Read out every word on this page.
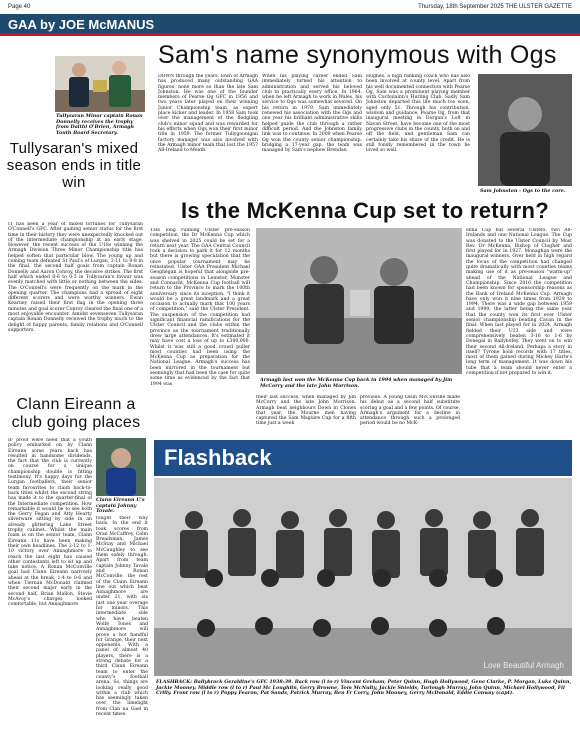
Page 40	Thursday, 18th September 2025 THE ULSTER GAZETTE
GAA by JOE McMANUS
Tullysaran Minor captain Ronan Donnelly receives the trophy from Daithi O'Brien, Armagh Youth Board Secretary.
Sam's name synonymous with Ogs
DOWN through the years, town of Armagh has produced many outstanding GAA figures, none more so than the late Sam Johnston. He was one of the founder members of Pearse Og GFC in 1956 and two years later played on their winning Junior Championship team, as expert place kicker and leader. In 1958 Sam took over the management of the fledgling club's minor squad and was rewarded for his efforts when Ogs won their first minor title in 1959. The former Tullygoonigan factory manager was also involved with the Armagh minor team that lost the 1957 All-Ireland to Meath.
When his playing career ended Sam immediately turned his attention to administration and served his beloved club in practically every office. In 1964, when he left Armagh to work in Wales, his service to Ogs was somewhat severed. On his return in 1979, Sam immediately renewed his association with the Ogs and one year his brilliant administrative skills helped guide the club through a rather difficult period. And the Johnston family link was to continue. In 2009 when Pearse Og won the county senior championship, bridging a 17-year gap, the team was managed by Sam's nephew Brendan
Hughes, a high ranking coach who has also been involved at county level. Apart from his well documented connection with Pearse Og, Sam was a prominent playing member with Cuchulainn's Hurling Club. Sadly Sam Johnston departed this life much too soon, aged only 51. Through his contribution, wisdom and guidance, Pearse Og, from that inaugural meeting in Dorgan's Loft in Navan Street, have become one of the most progressive clubs in the county, both on and off the field, and gentleman Sam can certainly take his share of the credit. He is still fondly remembered in the town he loved so well.
Sam Johnston - Ogs to the core.
Tullysaran's mixed season ends in title win
IT has been a year of mixed fortunes for Tullysaran O'Connell's GFC. After gaining senior status for the first time in their history they were unexpectedly knocked out of the intermediate championship at an early stage. However, the recent success of the U18s winning the Armagh Division Three Minor Championship title has helped soften that particular blow. The young up and coming team defeated St Paul's of Lurgan, 2-11 to 0-8 in the final, the second half goals from captain Ronan Donnelly and Aaron Conroy, the decisive strikes. The first half which ended 0-6 to 0-5 in Tullysaran's favour was evenly matched with little or nothing between the sides. The O'Connell's were frequently on the mark in the opening quarter. The champions had a spread of eight different scorers and were worthy winners. Ewan Kearney raised their first flag in the opening three minutes and goal scorer Conroy cleared the final one of a most enjoyable encounter. Amidst sevenseven Tullysaran captain Ronan Donnelly received the trophy much to the delight of happy parents, family relations and O'Connell supporters.
Is the McKenna Cup set to return?
THE long running Ulster pre-season competition, the Dr McKenna Cup which was shelved in 2025 could be set for a return next year. The GAA Central Council took a decision to park it for 12 months but there is growing speculation that the once popular tournament may be reinstated. Ulster GAA President Michael Geoghegan is hopeful that alongside pre-season competitions in Leinster, Munster and Connacht, McKenna Cup football will return to the Province to mark the 100th anniversary since its inception. "I think it would be a great landmark and a great occasion to actually mark that 100 years of competition," said the Ulster President. The suspension of the competition had significant financial ramifications for the Ulster Council and the clubs within the province as the tournament traditionally drew large attendances. It's estimated it may have cost a loss of up to £300,000. Whilst it was still a good crowd puller most counties had been using the McKenna Cup as preparation for the National League. Armagh's success has been mirrored in the tournament but seemingly that had been the case for quite some time as evidenced by the fact that 1994 was
Armagh last won the McKenna Cup back in 1994 when managed by Jim McCorry and the late John Morrison.
their last success, when managed by Jim McCorry and the late John Morrison. Armagh beat neighbours Down in Clones that year, the Mourne men having captured the Sam Maguire Cup for a fifth time just a week
previous. A young Oisin McConville made his debut as a second half substitute scoring a goal and a few points. Of course, Armagh's argument for a decline in attendance through such a prolonged period would be no McK-
enna Cup but several Ulsters, two All-Irelands and one National League. The Cup was donated to the Ulster Council by Most Rev. Dr McKenna, Bishop of Clogher and first played for in 1927. Monaghan were the inaugural winners. Over held in high regard the focus of the competition had changed quite dramatically with most counties teams making use of it as pre-season "warm-up" ahead of the National League and Championship. Since 2016 the competition had been known for sponsorship reasons as the Bank of Ireland McKenna Cup. Armagh have only won it nine times from 1929 to 1994. There was a wide gap between 1959 and 1990, the latter being the same year that the county won its first ever Ulster senior championship beating Cavan in the final. When last played for in 2024, Armagh fielded their U23 side and were comprehensively beaten 3-16 to 1-6 by Donegal in Ballybofey. They went on to win their second All-Ireland. Perhaps a story in itself? Tyrone hold records with 17 titles, most of them gained during Mickey Harte's long term of management. It was down his tube that a team should never enter a competition if not prepared to win it.
Clann Eireann a club going places
IF proof were need that a youth policy embarked on by Clann Eireann some years back has resulted in handsome dividends, the fact that the club is currently on course for a unique championship double is fitting testimony. It's happy days for the Lurgan footballers, their senior team favourites to claim back-to-back titles whilst the second string has made it to the quarter-final of the Intermediate competition. How remarkable it would be to see both the Gerry Fegan and Atty Hearty silverware sitting by side in an already glittering Lake Street trophy cabinet. Whilst the main foam is on the senior team, Clann Eireann 11s have been making their own headlines. The 2-12 to 1-10 victory over Annaghmore to reach the last eight has caused other contestants left to sit up and take notice. A Ronan McConville goal had Clann Eireann narrowly ahead at the break, 1-4 to 0-6 and when Tiernan McDonald claimed their second major early in the second half, Brian Mallon, Stevie McAvoy's charges looked comfortable, but Annaghmore
Clann Eireann U's captain Johnny Tovale.
fought their way back. In the end it took scores from Oran McCaffrey, Colm Breadsman, James McStay and Michael McCaughley to see them safely through. Apart from team captain Johnny Tavale and Ronan McConville, the rest of the Clann Eireann line out which beat Annaghmore are under 21, with six just one year overage for minors. This intermediate side who have beaten Wolfe Tones and Annaghmore will prove a hot handful for Grange, their next opponents. With a panel of almost 40 players, there is a strong debate for a third Clann Eireann team to enter the county's football arena. So, things are looking really good within a club which has seemingly taken over the limelight from Clan na Gael in recent times.
Flashback
Love Beautiful Armagh
FLASHBACK: Ballybrack Geraldine's GFC 1938-39. Back row (l to r) Vincent Greham, Peter Quinn, Hugh Hollywood, Gene Clarke, P. Morgan, Luke Quinn, Jackie Mooney. Middle row (l to r) Paul Mc Loughlin, Gerry Browne, Tom McNulty, Jackie Shields, Turlough Murray, John Quinn, Michael Hollywood, Fil Crilly. Front row (l to r) Poppy Fearon, Pat Sands, Patrick Murray, Ben Fr Corry, John Mooney, Gerry McDonald, Eddie Conway (capt).
